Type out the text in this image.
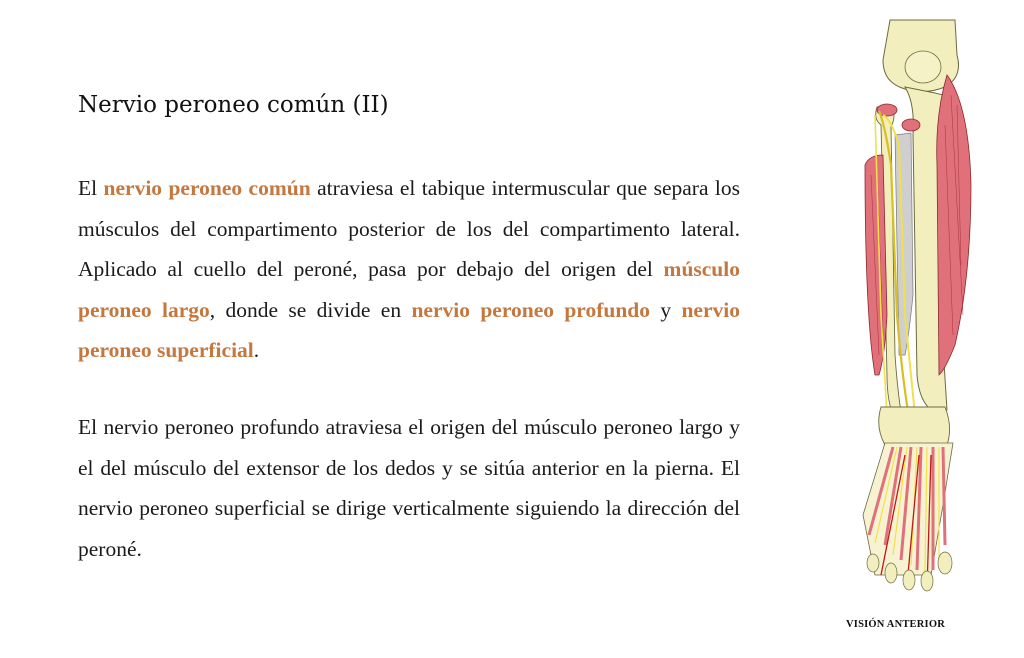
Nervio peroneo común (II)

El nervio peroneo común atraviesa el tabique intermuscular que separa los músculos del compartimento posterior de los del compartimento lateral. Aplicado al cuello del peroné, pasa por debajo del origen del músculo peroneo largo, donde se divide en nervio peroneo profundo y nervio peroneo superficial.

El nervio peroneo profundo atraviesa el origen del músculo peroneo largo y el del músculo del extensor de los dedos y se sitúa anterior en la pierna. El nervio peroneo superficial se dirige verticalmente siguiendo la dirección del peroné.

VISIÓN ANTERIOR
